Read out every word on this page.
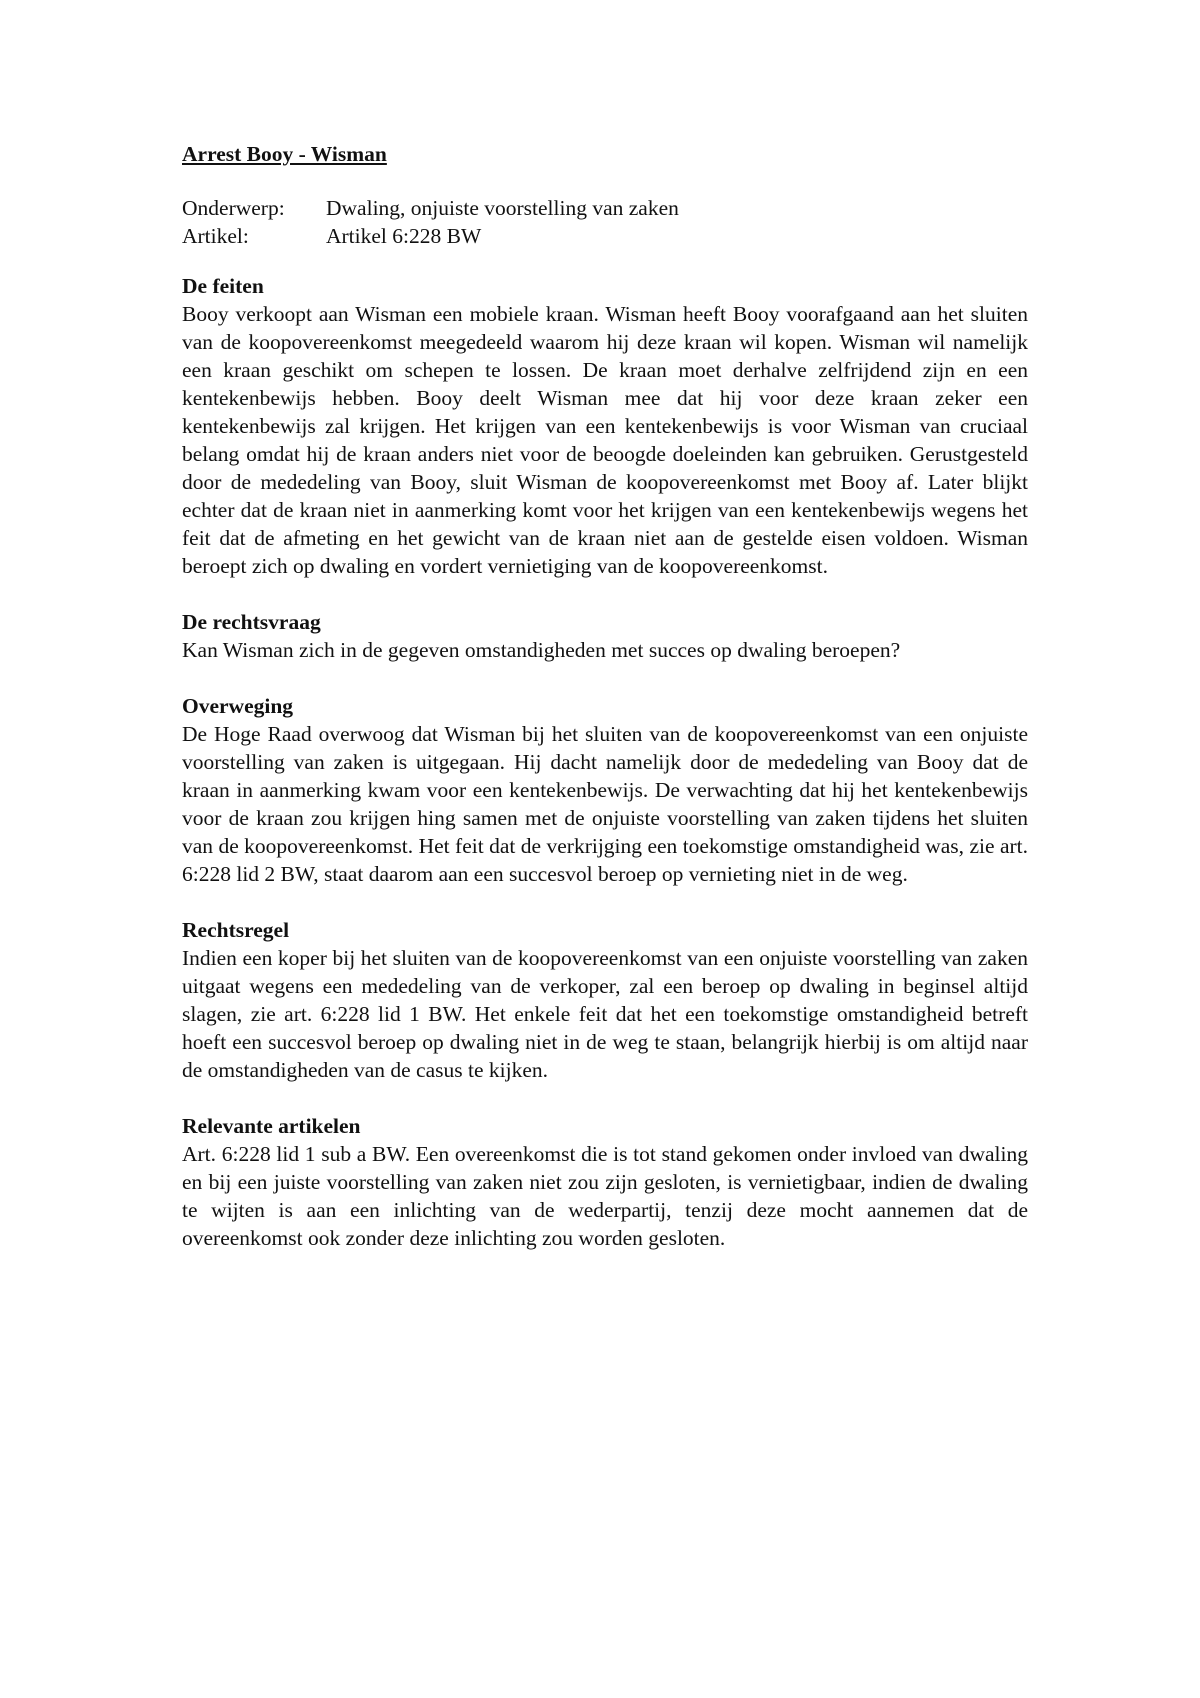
Arrest Booy - Wisman

Onderwerp:	Dwaling, onjuiste voorstelling van zaken
Artikel:	Artikel 6:228 BW

De feiten

Booy verkoopt aan Wisman een mobiele kraan. Wisman heeft Booy voorafgaand aan het sluiten van de koopovereenkomst meegedeeld waarom hij deze kraan wil kopen. Wisman wil namelijk een kraan geschikt om schepen te lossen. De kraan moet derhalve zelfrijdend zijn en een kentekenbewijs hebben. Booy deelt Wisman mee dat hij voor deze kraan zeker een kentekenbewijs zal krijgen. Het krijgen van een kentekenbewijs is voor Wisman van cruciaal belang omdat hij de kraan anders niet voor de beoogde doeleinden kan gebruiken. Gerustgesteld door de mededeling van Booy, sluit Wisman de koopovereenkomst met Booy af. Later blijkt echter dat de kraan niet in aanmerking komt voor het krijgen van een kentekenbewijs wegens het feit dat de afmeting en het gewicht van de kraan niet aan de gestelde eisen voldoen. Wisman beroept zich op dwaling en vordert vernietiging van de koopovereenkomst.

De rechtsvraag

Kan Wisman zich in de gegeven omstandigheden met succes op dwaling beroepen?

Overweging

De Hoge Raad overwoog dat Wisman bij het sluiten van de koopovereenkomst van een onjuiste voorstelling van zaken is uitgegaan. Hij dacht namelijk door de mededeling van Booy dat de kraan in aanmerking kwam voor een kentekenbewijs. De verwachting dat hij het kentekenbewijs voor de kraan zou krijgen hing samen met de onjuiste voorstelling van zaken tijdens het sluiten van de koopovereenkomst. Het feit dat de verkrijging een toekomstige omstandigheid was, zie art. 6:228 lid 2 BW, staat daarom aan een succesvol beroep op vernieting niet in de weg.

Rechtsregel

Indien een koper bij het sluiten van de koopovereenkomst van een onjuiste voorstelling van zaken uitgaat wegens een mededeling van de verkoper, zal een beroep op dwaling in beginsel altijd slagen, zie art. 6:228 lid 1 BW. Het enkele feit dat het een toekomstige omstandigheid betreft hoeft een succesvol beroep op dwaling niet in de weg te staan, belangrijk hierbij is om altijd naar de omstandigheden van de casus te kijken.

Relevante artikelen

Art. 6:228 lid 1 sub a BW. Een overeenkomst die is tot stand gekomen onder invloed van dwaling en bij een juiste voorstelling van zaken niet zou zijn gesloten, is vernietigbaar, indien de dwaling te wijten is aan een inlichting van de wederpartij, tenzij deze mocht aannemen dat de overeenkomst ook zonder deze inlichting zou worden gesloten.
